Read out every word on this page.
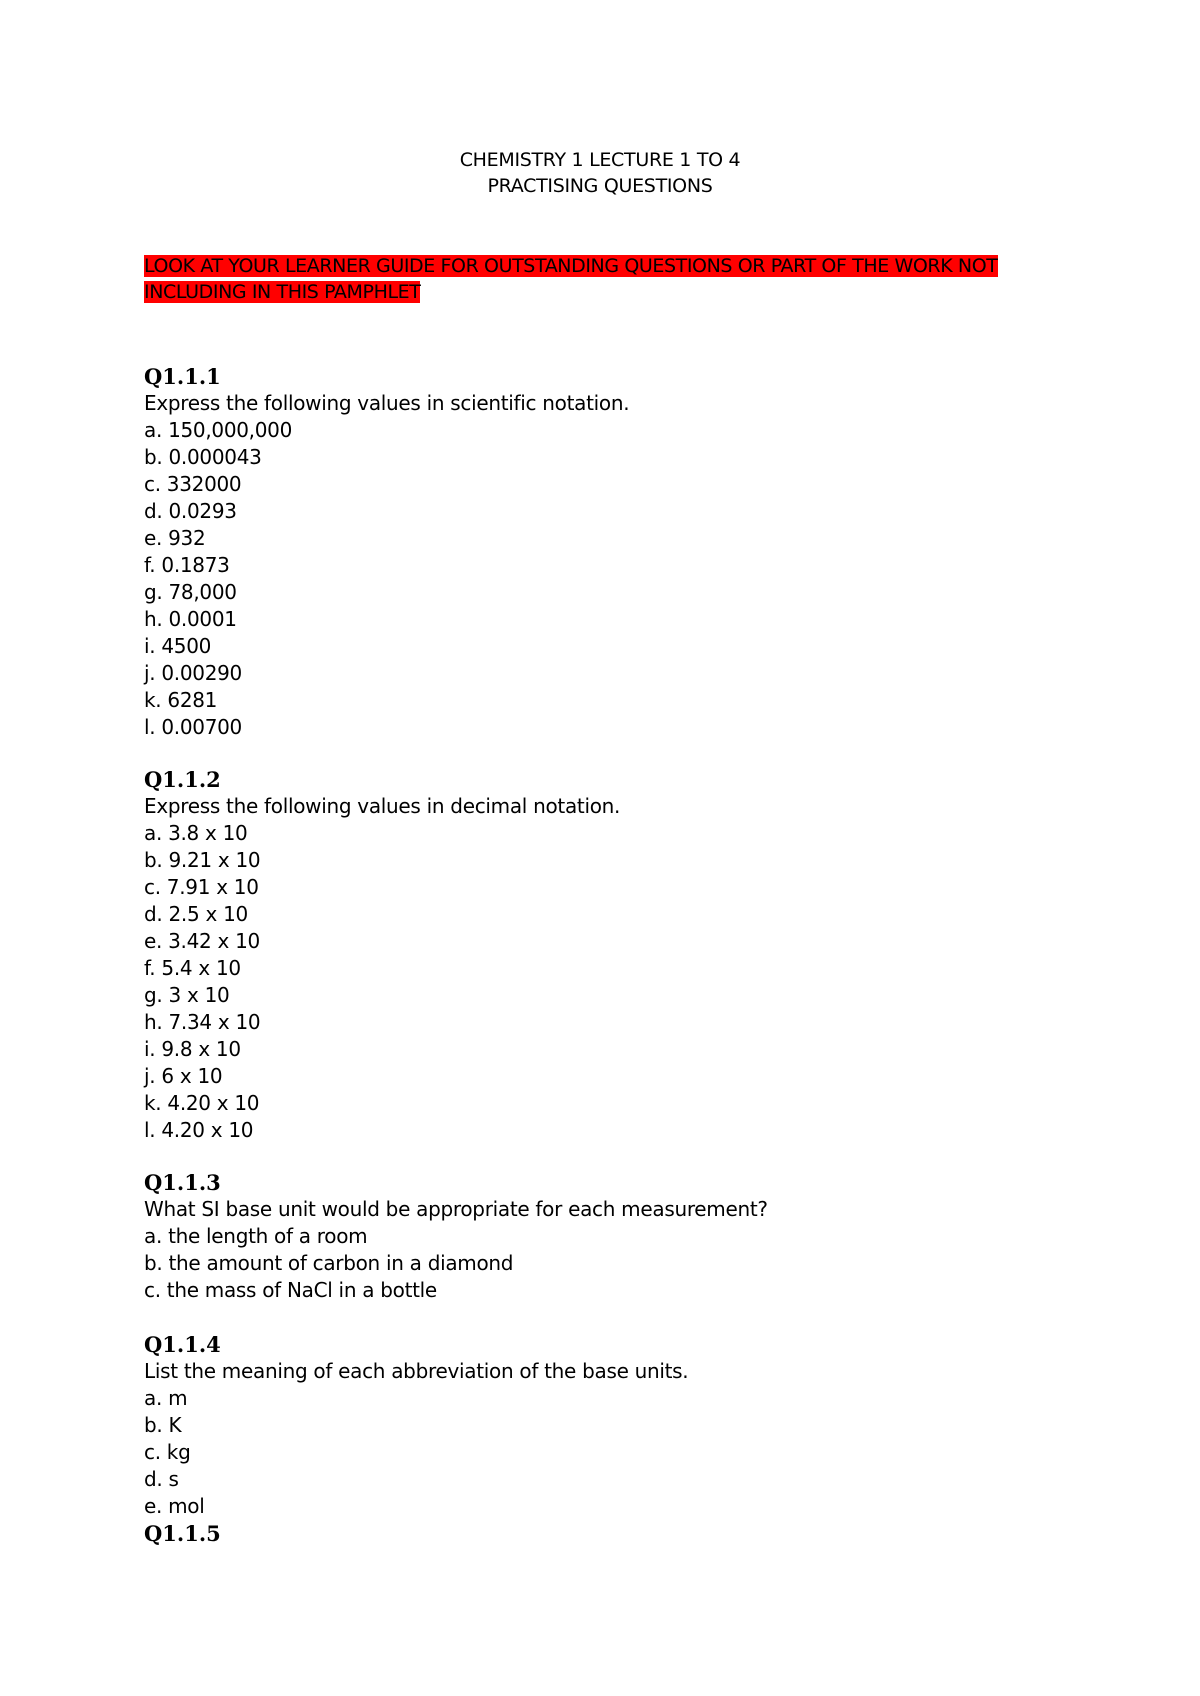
CHEMISTRY 1 LECTURE 1 TO 4
PRACTISING QUESTIONS
LOOK AT YOUR LEARNER GUIDE FOR OUTSTANDING QUESTIONS OR PART OF THE WORK NOT INCLUDING IN THIS PAMPHLET
Q1.1.1
Express the following values in scientific notation.
a. 150,000,000
b. 0.000043
c. 332000
d. 0.0293
e. 932
f. 0.1873
g. 78,000
h. 0.0001
i. 4500
j. 0.00290
k. 6281
l. 0.00700
Q1.1.2
Express the following values in decimal notation.
a. 3.8 x 10
b. 9.21 x 10
c. 7.91 x 10
d. 2.5 x 10
e. 3.42 x 10
f. 5.4 x 10
g. 3 x 10
h. 7.34 x 10
i. 9.8 x 10
j. 6 x 10
k. 4.20 x 10
l. 4.20 x 10
Q1.1.3
What SI base unit would be appropriate for each measurement?
a. the length of a room
b. the amount of carbon in a diamond
c. the mass of NaCl in a bottle
Q1.1.4
List the meaning of each abbreviation of the base units.
a. m
b. K
c. kg
d. s
e. mol
Q1.1.5
